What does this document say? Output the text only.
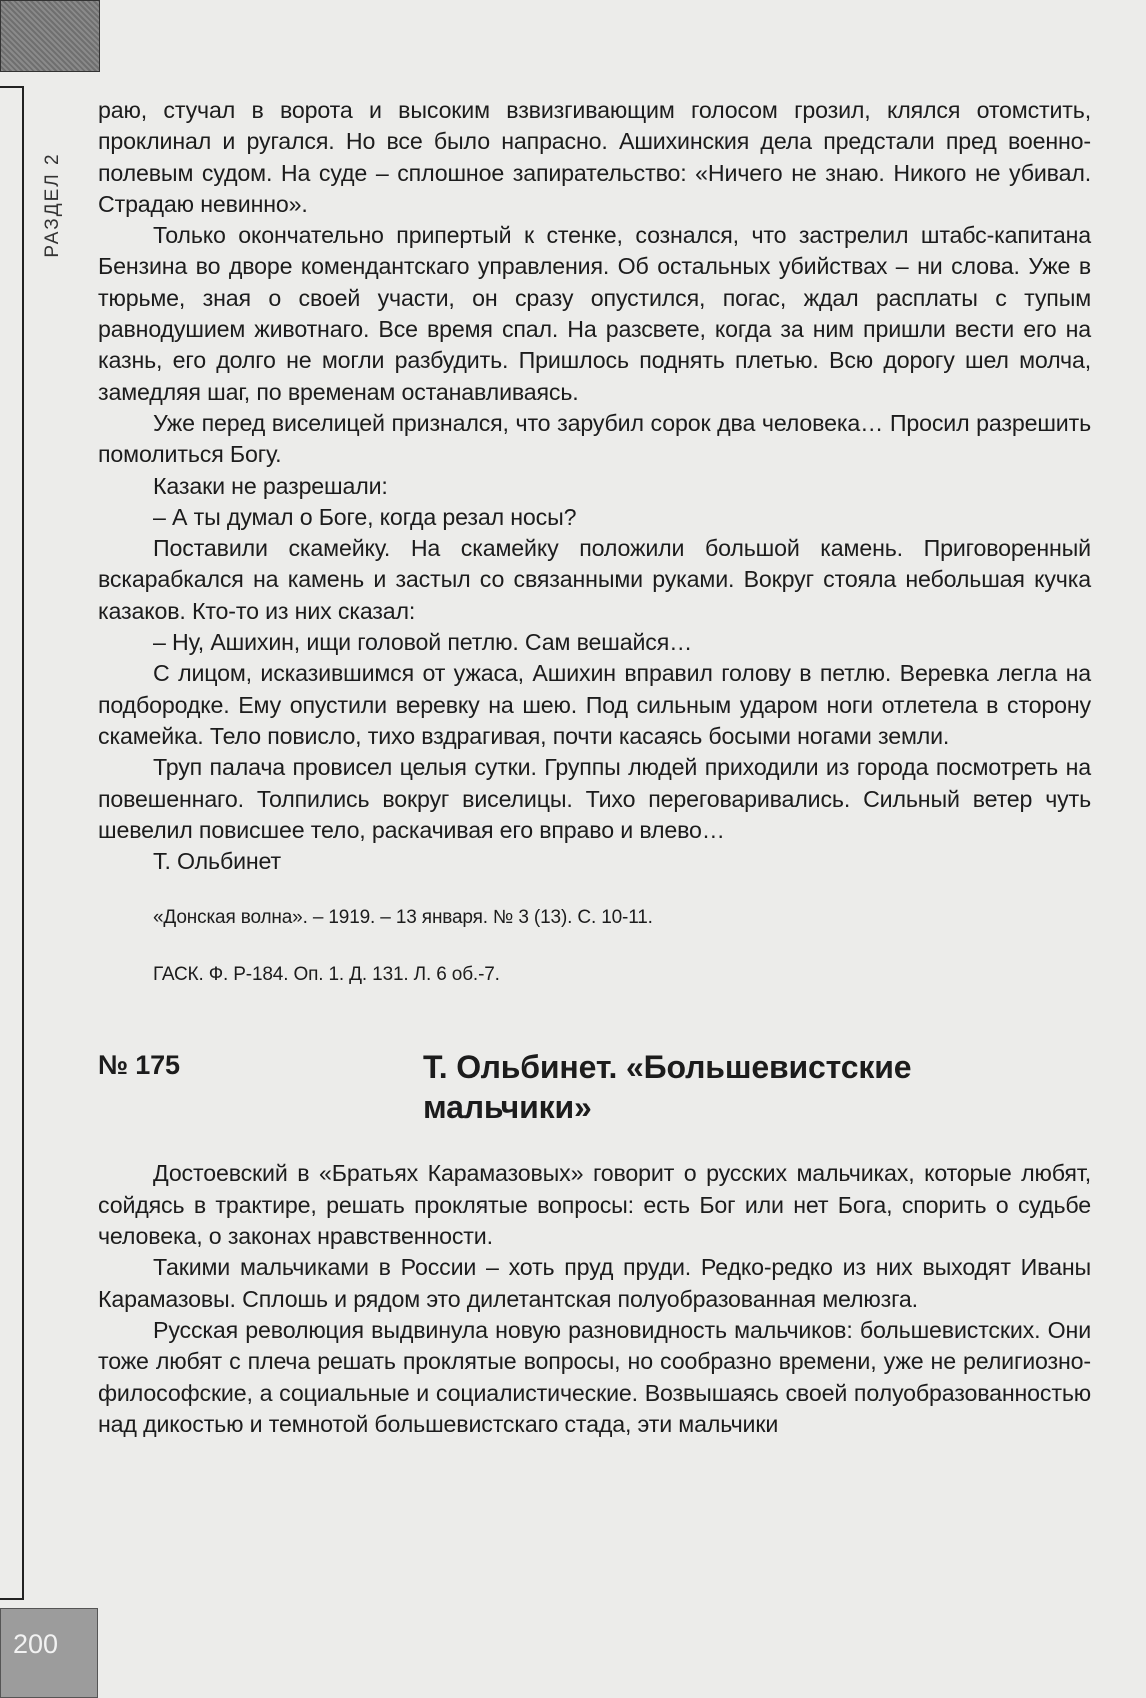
РАЗДЕЛ 2

раю, стучал в ворота и высоким взвизгивающим голосом грозил, клялся отомстить, проклинал и ругался. Но все было напрасно. Ашихинския дела предстали пред военно-полевым судом. На суде – сплошное запирательство: «Ничего не знаю. Никого не убивал. Страдаю невинно».

Только окончательно припертый к стенке, сознался, что застрелил штабс-капитана Бензина во дворе комендантскаго управления. Об остальных убийствах – ни слова. Уже в тюрьме, зная о своей участи, он сразу опустился, погас, ждал расплаты с тупым равнодушием животнаго. Все время спал. На разсвете, когда за ним пришли вести его на казнь, его долго не могли разбудить. Пришлось поднять плетью. Всю дорогу шел молча, замедляя шаг, по временам останавливаясь.

Уже перед виселицей признался, что зарубил сорок два человека… Просил разрешить помолиться Богу.

Казаки не разрешали:

– А ты думал о Боге, когда резал носы?

Поставили скамейку. На скамейку положили большой камень. Приговоренный вскарабкался на камень и застыл со связанными руками. Вокруг стояла небольшая кучка казаков. Кто-то из них сказал:

– Ну, Ашихин, ищи головой петлю. Сам вешайся…

С лицом, исказившимся от ужаса, Ашихин вправил голову в петлю. Веревка легла на подбородке. Ему опустили веревку на шею. Под сильным ударом ноги отлетела в сторону скамейка. Тело повисло, тихо вздрагивая, почти касаясь босыми ногами земли.

Труп палача провисел целыя сутки. Группы людей приходили из города посмотреть на повешеннаго. Толпились вокруг виселицы. Тихо переговаривались. Сильный ветер чуть шевелил повисшее тело, раскачивая его вправо и влево…

Т. Ольбинет

«Донская волна». – 1919. – 13 января. № 3 (13). С. 10-11.

ГАСК. Ф. Р-184. Оп. 1. Д. 131. Л. 6 об.-7.

№ 175	Т. Ольбинет. «Большевистские мальчики»

Достоевский в «Братьях Карамазовых» говорит о русских мальчиках, которые любят, сойдясь в трактире, решать проклятые вопросы: есть Бог или нет Бога, спорить о судьбе человека, о законах нравственности.

Такими мальчиками в России – хоть пруд пруди. Редко-редко из них выходят Иваны Карамазовы. Сплошь и рядом это дилетантская полуобразованная мелюзга.

Русская революция выдвинула новую разновидность мальчиков: большевистских. Они тоже любят с плеча решать проклятые вопросы, но сообразно времени, уже не религиозно-философские, а социальные и социалистические. Возвышаясь своей полуобразованностью над дикостью и темнотой большевистскаго стада, эти мальчики

200
